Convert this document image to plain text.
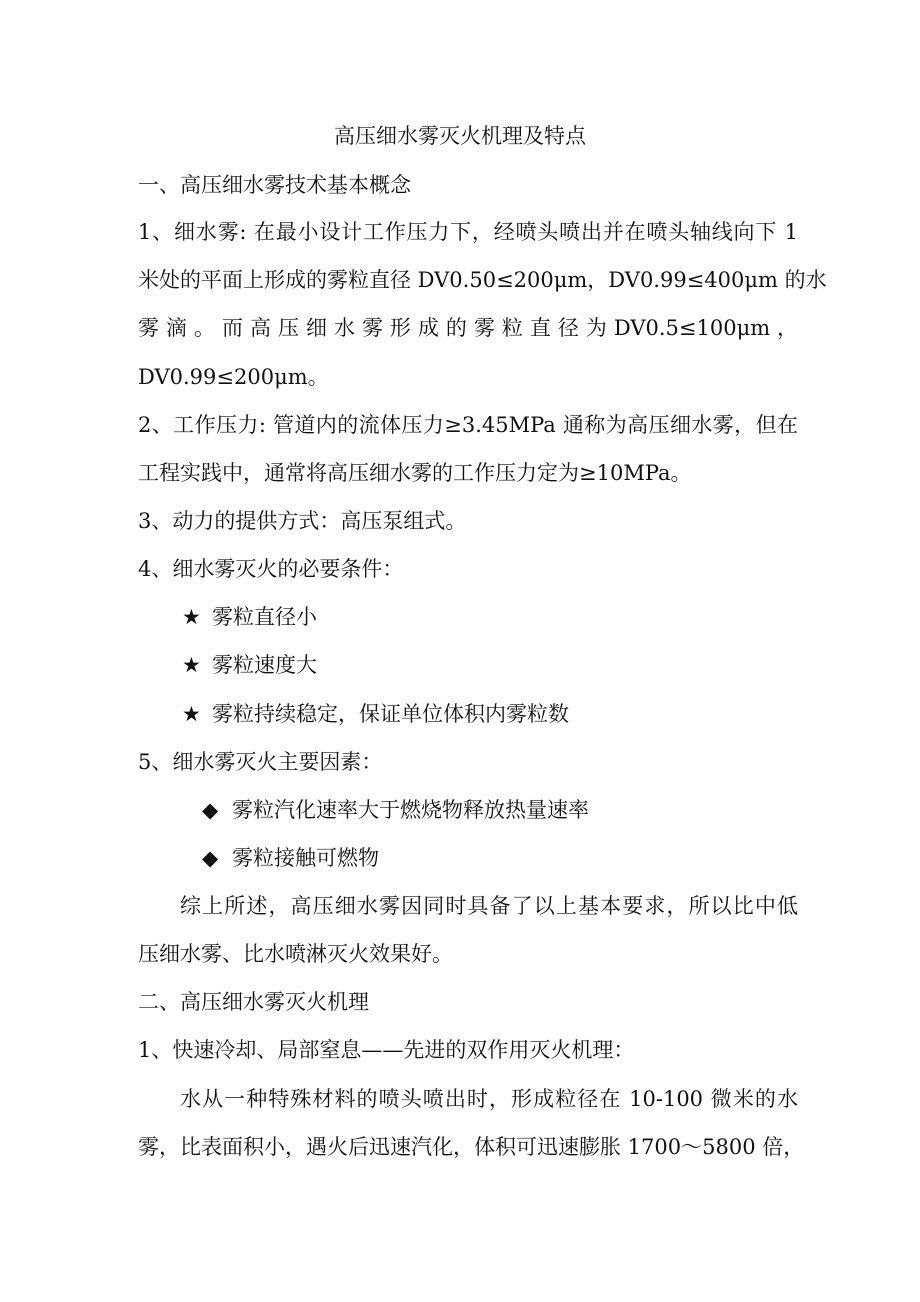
高压细水雾灭火机理及特点
一、高压细水雾技术基本概念
1、细水雾: 在最小设计工作压力下，经喷头喷出并在喷头轴线向下 1
米处的平面上形成的雾粒直径 DV0.50≤200μm，DV0.99≤400μm 的水
雾 滴 。 而 高 压 细 水 雾 形 成 的 雾 粒 直 径 为 DV0.5≤100μm ，
DV0.99≤200μm。
2、工作压力: 管道内的流体压力≥3.45MPa 通称为高压细水雾，但在
工程实践中，通常将高压细水雾的工作压力定为≥10MPa。
3、动力的提供方式：高压泵组式。
4、细水雾灭火的必要条件：
★ 雾粒直径小
★ 雾粒速度大
★ 雾粒持续稳定，保证单位体积内雾粒数
5、细水雾灭火主要因素：
◆ 雾粒汽化速率大于燃烧物释放热量速率
◆ 雾粒接触可燃物
综上所述，高压细水雾因同时具备了以上基本要求，所以比中低
压细水雾、比水喷淋灭火效果好。
二、高压细水雾灭火机理
1、快速冷却、局部窒息——先进的双作用灭火机理：
水从一种特殊材料的喷头喷出时，形成粒径在 10-100 微米的水
雾，比表面积小，遇火后迅速汽化，体积可迅速膨胀 1700～5800 倍，
